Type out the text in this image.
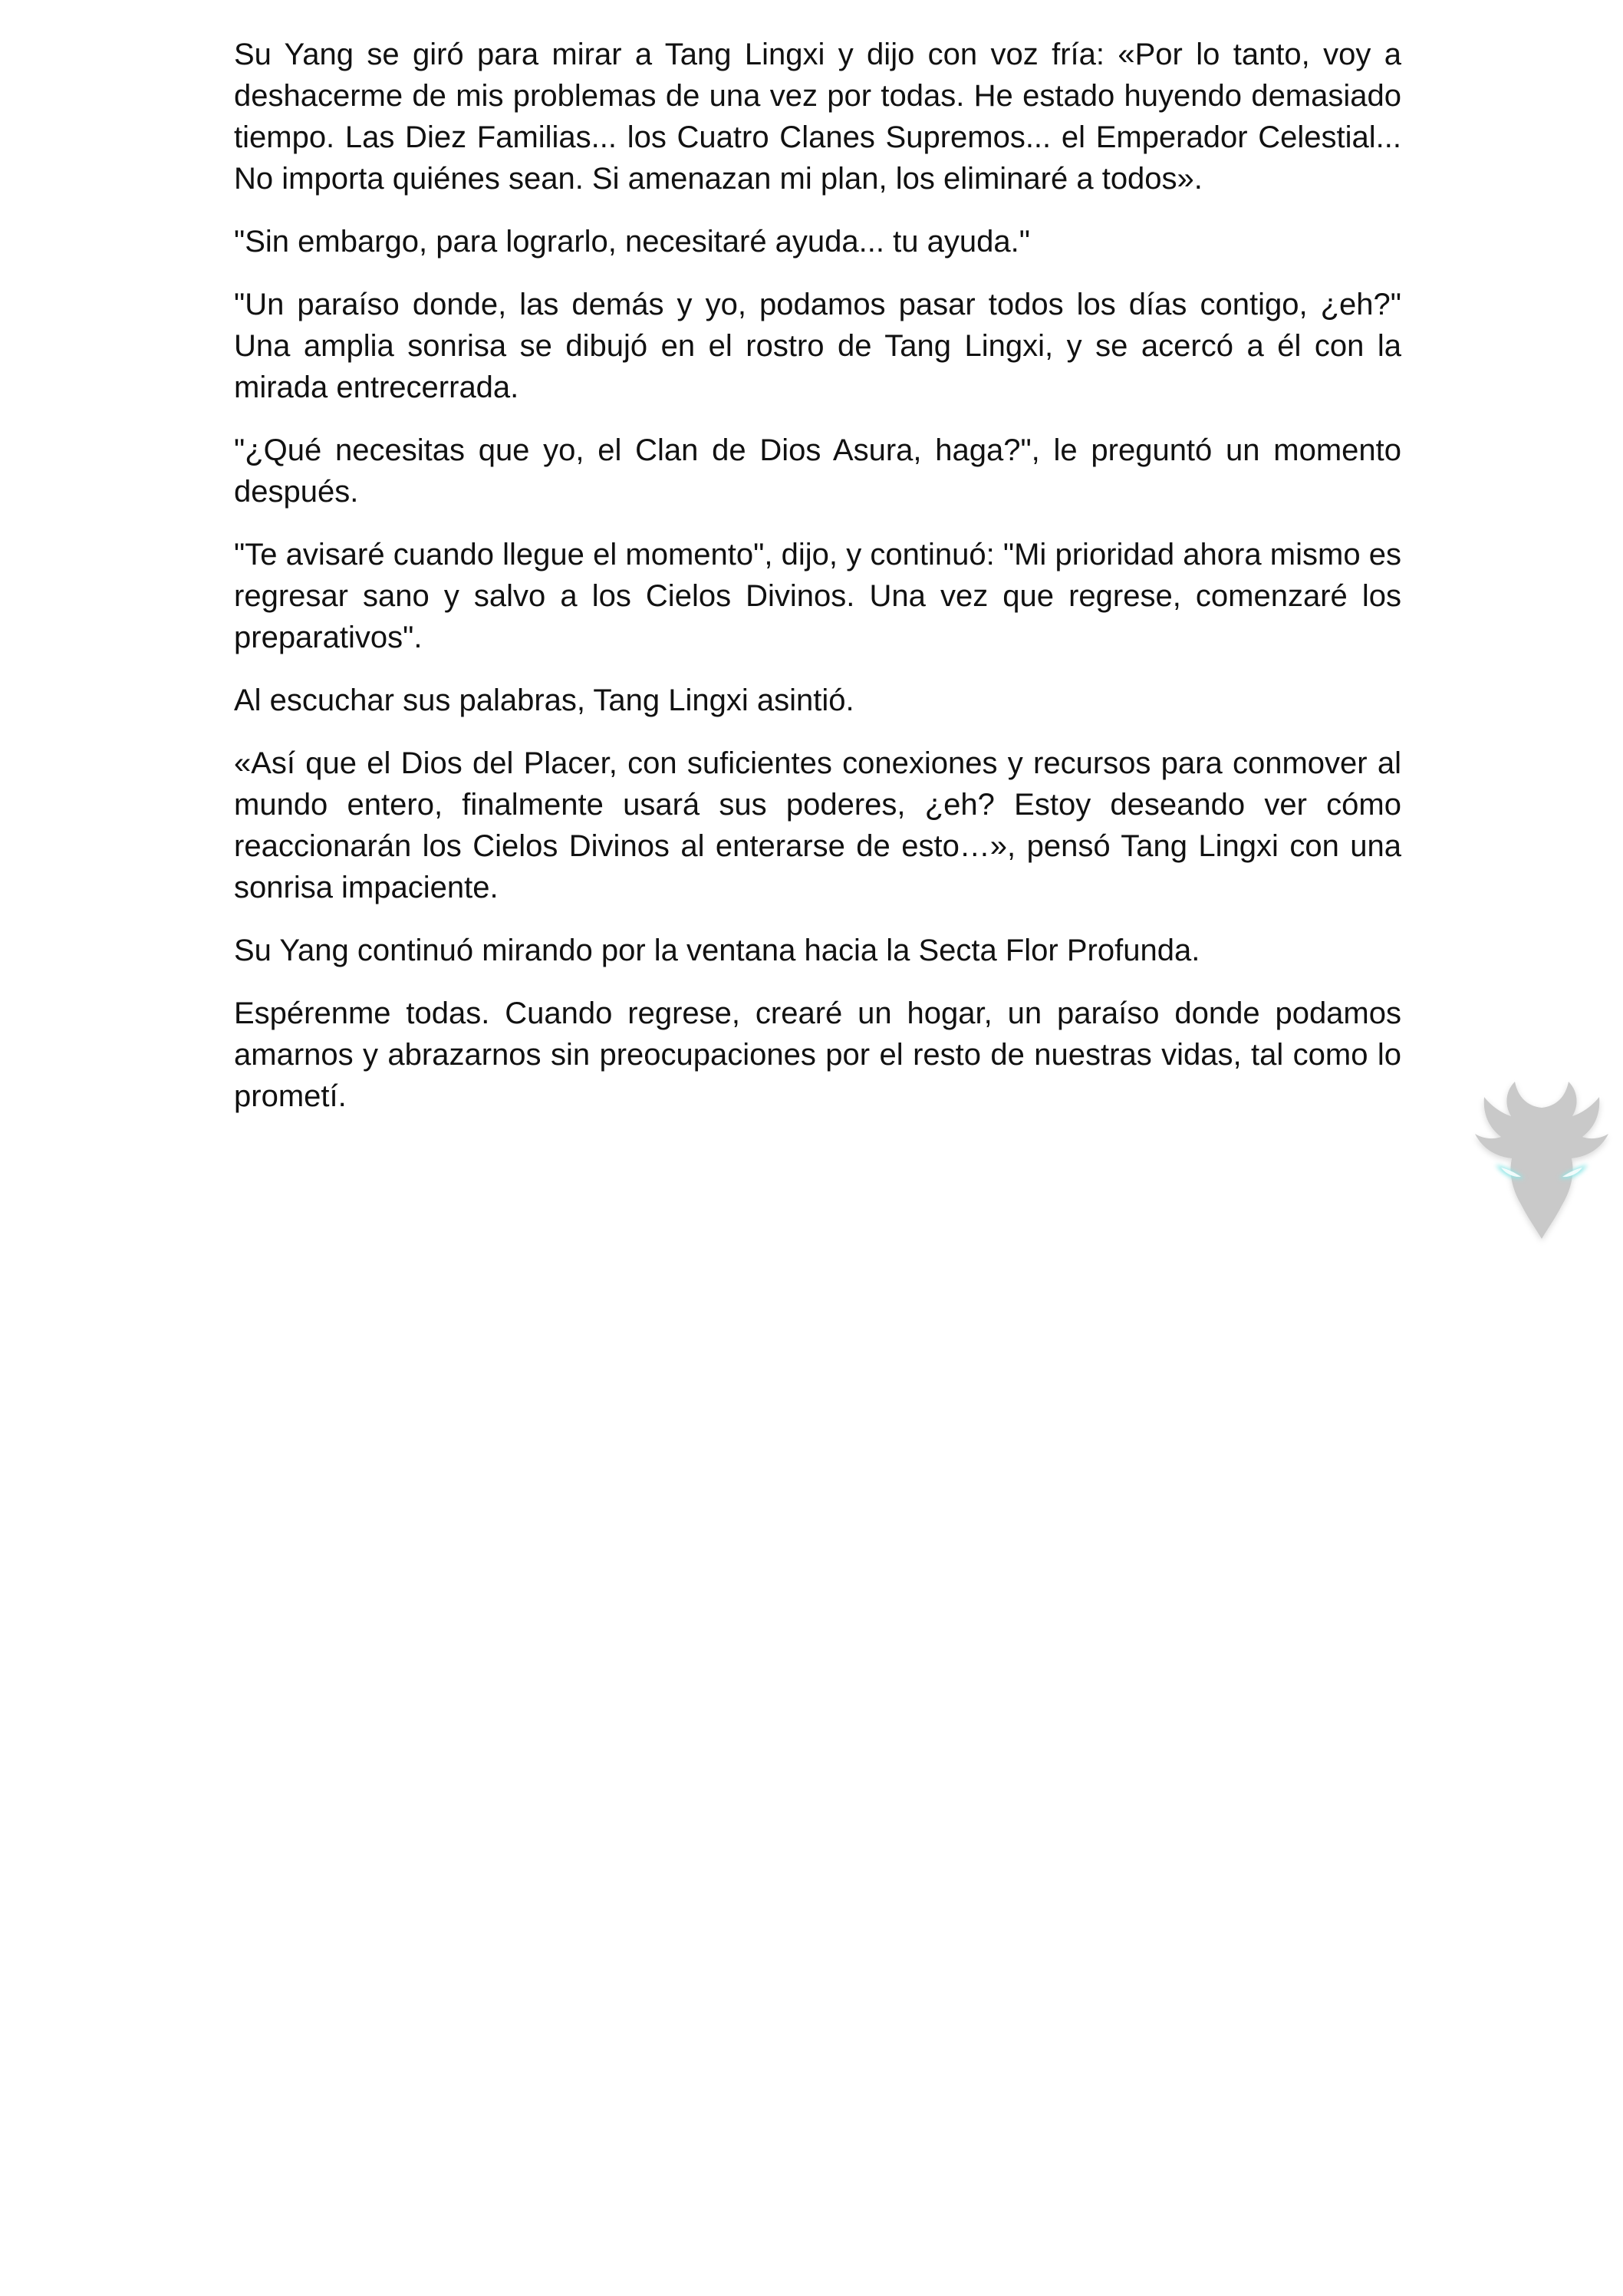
Su Yang se giró para mirar a Tang Lingxi y dijo con voz fría: «Por lo tanto, voy a deshacerme de mis problemas de una vez por todas. He estado huyendo demasiado tiempo. Las Diez Familias... los Cuatro Clanes Supremos... el Emperador Celestial... No importa quiénes sean. Si amenazan mi plan, los eliminaré a todos».

"Sin embargo, para lograrlo, necesitaré ayuda... tu ayuda."

"Un paraíso donde, las demás y yo, podamos pasar todos los días contigo, ¿eh?" Una amplia sonrisa se dibujó en el rostro de Tang Lingxi, y se acercó a él con la mirada entrecerrada.

"¿Qué necesitas que yo, el Clan de Dios Asura, haga?", le preguntó un momento después.

"Te avisaré cuando llegue el momento", dijo, y continuó: "Mi prioridad ahora mismo es regresar sano y salvo a los Cielos Divinos. Una vez que regrese, comenzaré los preparativos".

Al escuchar sus palabras, Tang Lingxi asintió.

«Así que el Dios del Placer, con suficientes conexiones y recursos para conmover al mundo entero, finalmente usará sus poderes, ¿eh? Estoy deseando ver cómo reaccionarán los Cielos Divinos al enterarse de esto…», pensó Tang Lingxi con una sonrisa impaciente.

Su Yang continuó mirando por la ventana hacia la Secta Flor Profunda.

Espérenme todas. Cuando regrese, crearé un hogar, un paraíso donde podamos amarnos y abrazarnos sin preocupaciones por el resto de nuestras vidas, tal como lo prometí.
